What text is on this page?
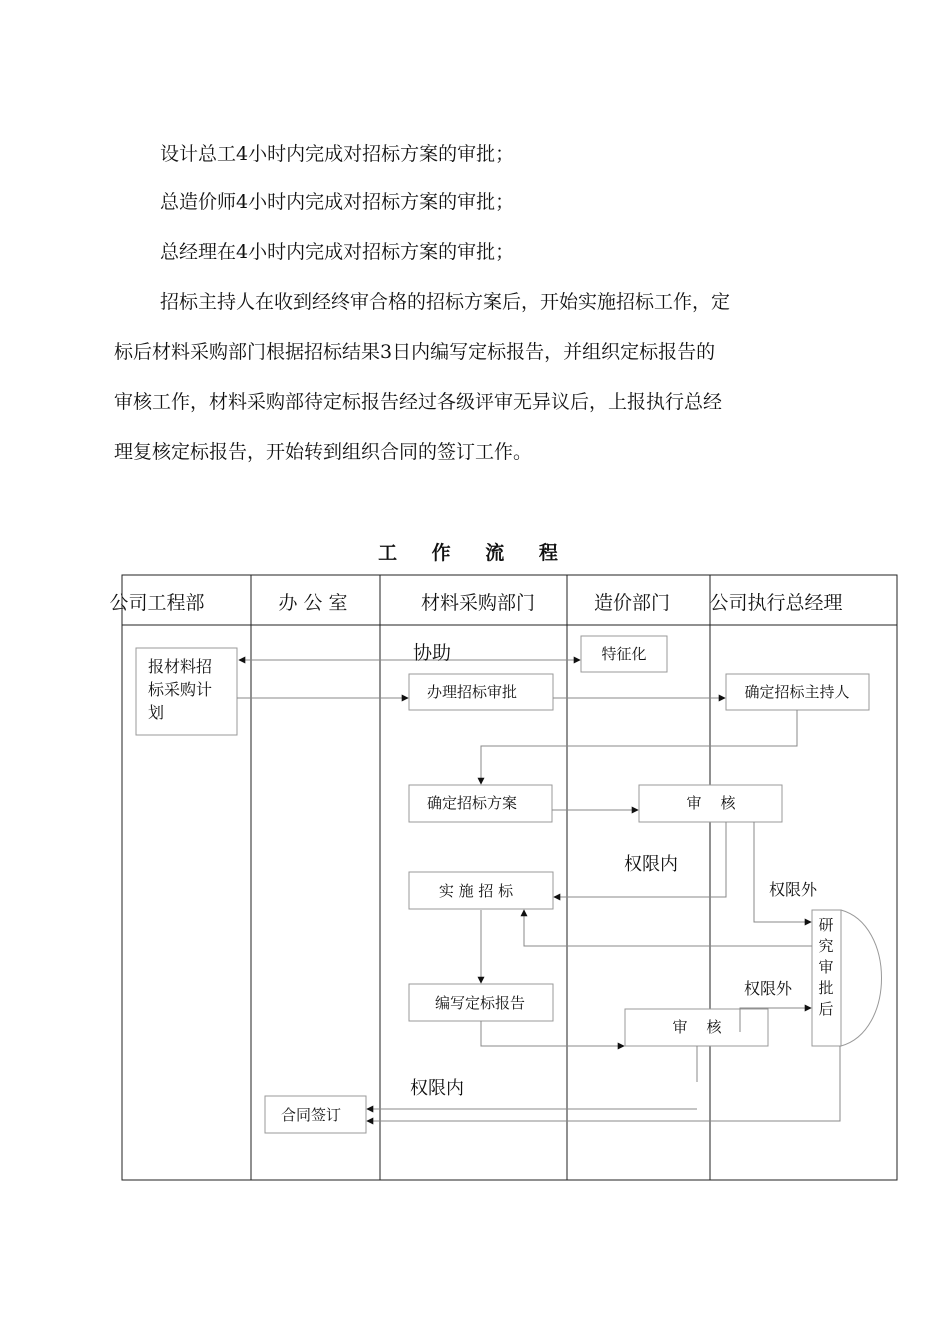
设计总工4小时内完成对招标方案的审批；

总造价师4小时内完成对招标方案的审批；

总经理在4小时内完成对招标方案的审批；

招标主持人在收到经终审合格的招标方案后，开始实施招标工作，定

标后材料采购部门根据招标结果3日内编写定标报告，并组织定标报告的

审核工作，材料采购部待定标报告经过各级评审无异议后，上报执行总经

理复核定标报告，开始转到组织合同的签订工作。

工 作 流 程
公司工程部	办 公 室	材料采购部门	造价部门 公司执行总经理
报材料招
标采购计
划
特征化
办理招标审批	确定招标主持人
确定招标方案	审    核
实 施 招 标
编写定标报告
审    核
合同签订
研
究
审
批
后
协助
权限内
权限外
权限外
权限内
